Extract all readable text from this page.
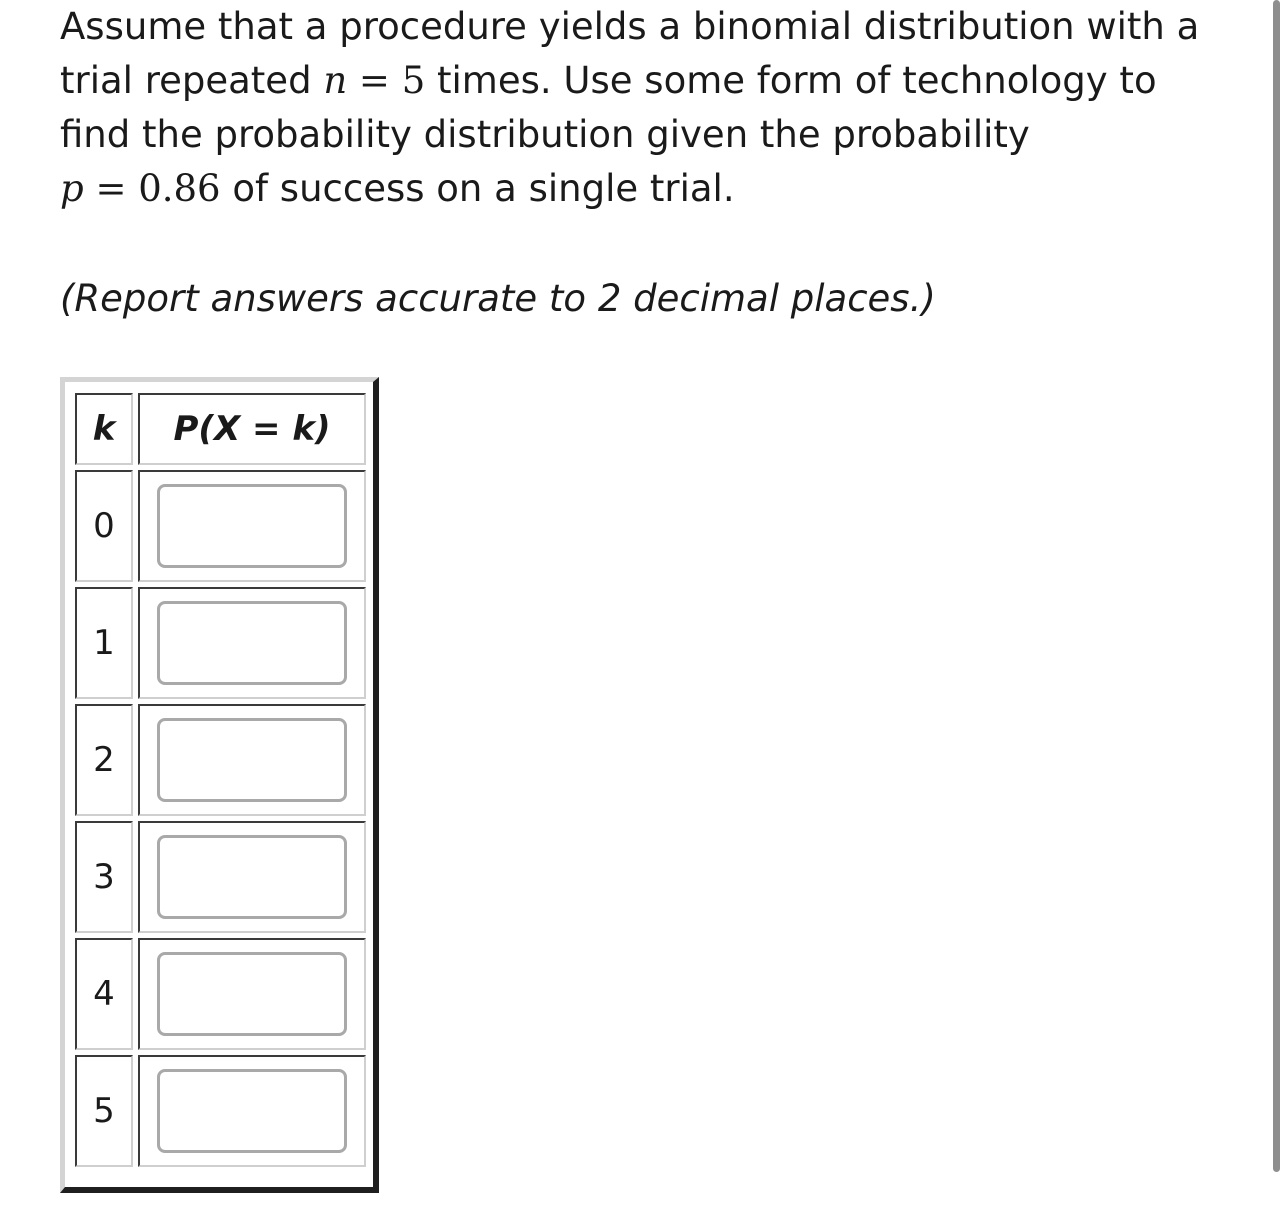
Assume that a procedure yields a binomial distribution with a
trial repeated n = 5 times. Use some form of technology to
find the probability distribution given the probability
p = 0.86 of success on a single trial.
(Report answers accurate to 2 decimal places.)
k	P(X = k)
0	

1	

2	

3	

4	

5	
